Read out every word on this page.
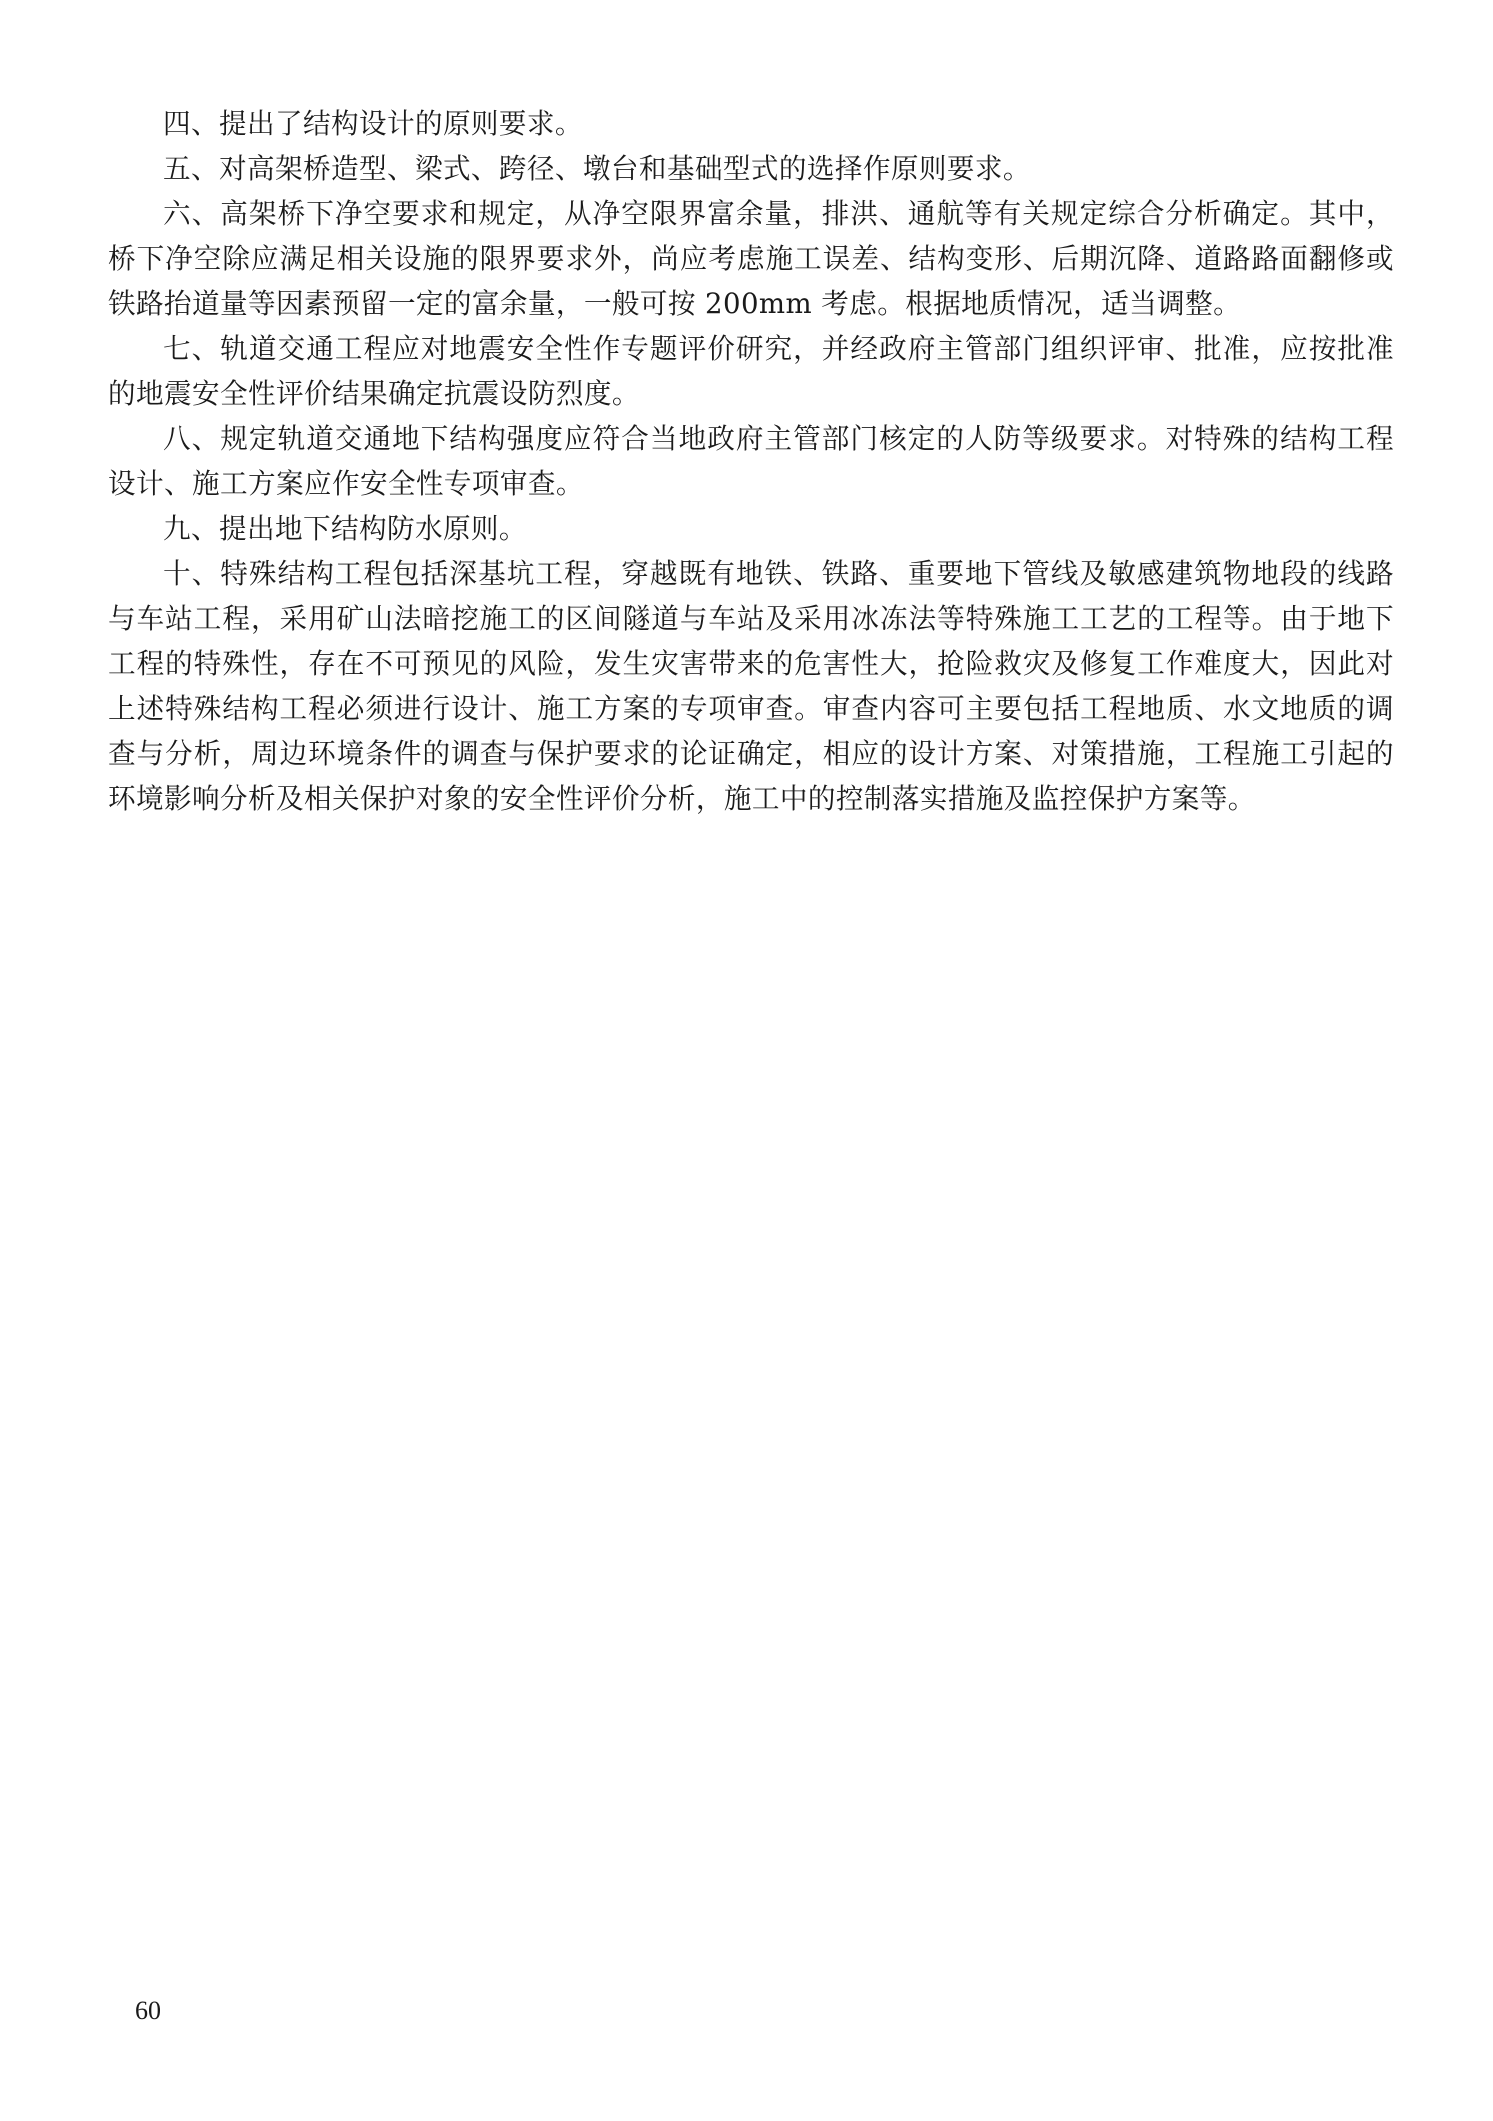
四、提出了结构设计的原则要求。

五、对高架桥造型、梁式、跨径、墩台和基础型式的选择作原则要求。

六、高架桥下净空要求和规定，从净空限界富余量，排洪、通航等有关规定综合分析确定。其中，桥下净空除应满足相关设施的限界要求外，尚应考虑施工误差、结构变形、后期沉降、道路路面翻修或铁路抬道量等因素预留一定的富余量，一般可按 200mm 考虑。根据地质情况，适当调整。

七、轨道交通工程应对地震安全性作专题评价研究，并经政府主管部门组织评审、批准，应按批准的地震安全性评价结果确定抗震设防烈度。

八、规定轨道交通地下结构强度应符合当地政府主管部门核定的人防等级要求。对特殊的结构工程设计、施工方案应作安全性专项审查。

九、提出地下结构防水原则。

十、特殊结构工程包括深基坑工程，穿越既有地铁、铁路、重要地下管线及敏感建筑物地段的线路与车站工程，采用矿山法暗挖施工的区间隧道与车站及采用冰冻法等特殊施工工艺的工程等。由于地下工程的特殊性，存在不可预见的风险，发生灾害带来的危害性大，抢险救灾及修复工作难度大，因此对上述特殊结构工程必须进行设计、施工方案的专项审查。审查内容可主要包括工程地质、水文地质的调查与分析，周边环境条件的调查与保护要求的论证确定，相应的设计方案、对策措施，工程施工引起的环境影响分析及相关保护对象的安全性评价分析，施工中的控制落实措施及监控保护方案等。

60
